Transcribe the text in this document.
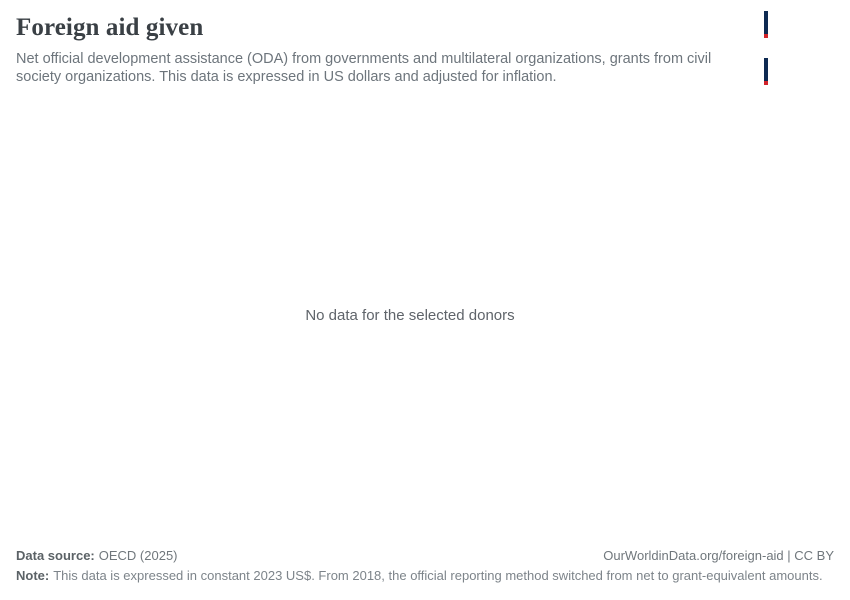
Foreign aid given

Net official development assistance (ODA) from governments and multilateral organizations, grants from civil society organizations. This data is expressed in US dollars and adjusted for inflation.

Our World
in Data
No data for the selected donors
Data source: OECD (2025)	OurWorldinData.org/foreign-aid | CC BY
Note: This data is expressed in constant 2023 US$. From 2018, the official reporting method switched from net to grant-equivalent amounts.
